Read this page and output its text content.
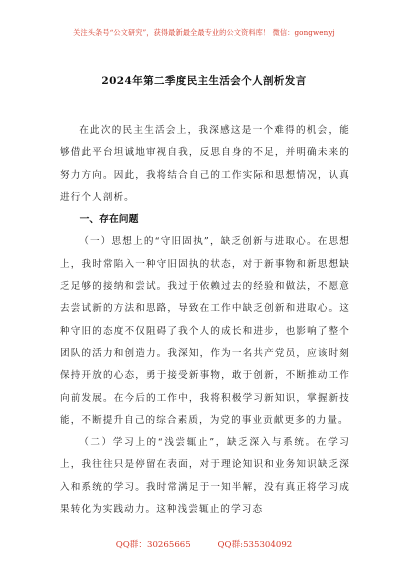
关注头条号“公文研究”，获得最新最全最专业的公文资料库！ 微信：gongwenyj
2024年第二季度民主生活会个人剖析发言

在此次的民主生活会上，我深感这是一个难得的机会，能够借此平台坦诚地审视自我，反思自身的不足，并明确未来的努力方向。因此，我将结合自己的工作实际和思想情况，认真进行个人剖析。

一、存在问题

（一）思想上的“守旧固执”，缺乏创新与进取心。在思想上，我时常陷入一种守旧固执的状态，对于新事物和新思想缺乏足够的接纳和尝试。我过于依赖过去的经验和做法，不愿意去尝试新的方法和思路，导致在工作中缺乏创新和进取心。这种守旧的态度不仅阻碍了我个人的成长和进步，也影响了整个团队的活力和创造力。我深知，作为一名共产党员，应该时刻保持开放的心态，勇于接受新事物，敢于创新，不断推动工作向前发展。在今后的工作中，我将积极学习新知识，掌握新技能，不断提升自己的综合素质，为党的事业贡献更多的力量。

（二）学习上的“浅尝辄止”，缺乏深入与系统。在学习上，我往往只是停留在表面，对于理论知识和业务知识缺乏深入和系统的学习。我时常满足于一知半解，没有真正将学习成果转化为实践动力。这种浅尝辄止的学习态

QQ群：30265665	QQ群:535304092
